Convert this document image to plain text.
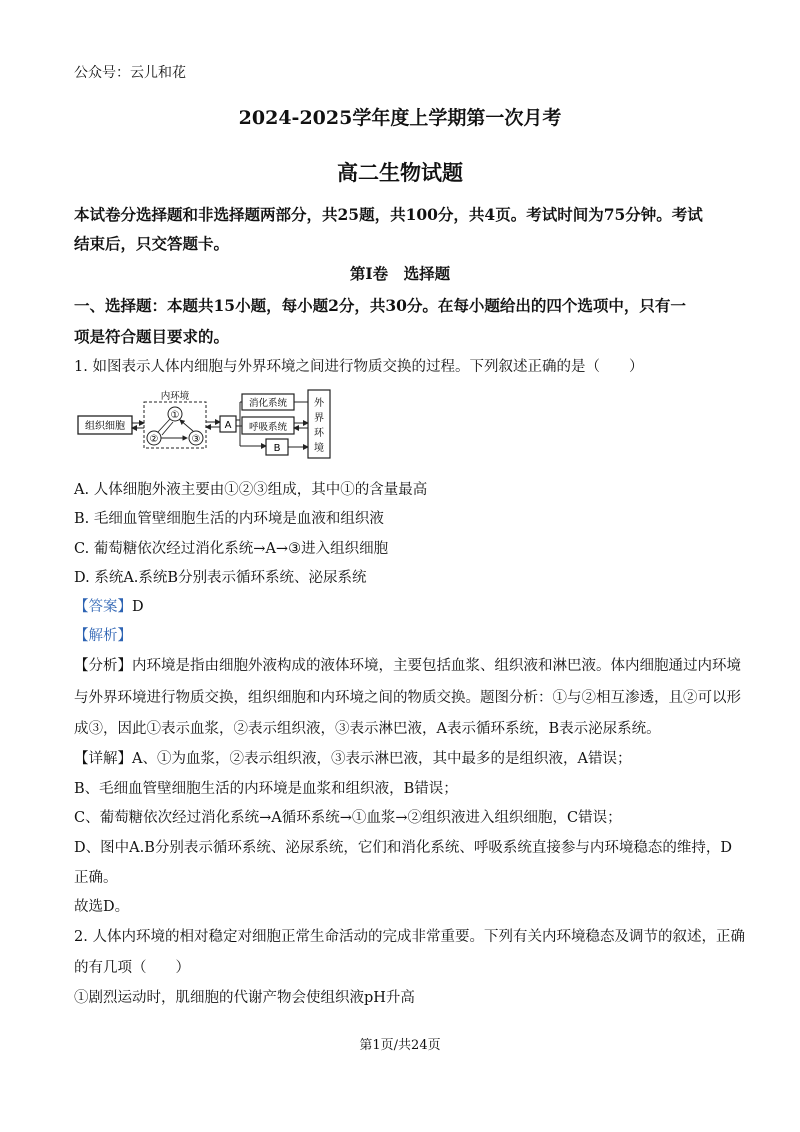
公众号：云儿和花
2024-2025学年度上学期第一次月考
高二生物试题
本试卷分选择题和非选择题两部分，共25题，共100分，共4页。考试时间为75分钟。考试
结束后，只交答题卡。
第Ⅰ卷　选择题
一、选择题：本题共15小题，每小题2分，共30分。在每小题给出的四个选项中，只有一
项是符合题目要求的。
1. 如图表示人体内细胞与外界环境之间进行物质交换的过程。下列叙述正确的是（　　）
组织细胞
内环境
①
②	③
A
消化系统
呼吸系统
B
外
界
环
境
A. 人体细胞外液主要由①②③组成，其中①的含量最高
B. 毛细血管壁细胞生活的内环境是血液和组织液
C. 葡萄糖依次经过消化系统→A→③进入组织细胞
D. 系统A.系统B分别表示循环系统、泌尿系统
【答案】D
【解析】
【分析】内环境是指由细胞外液构成的液体环境，主要包括血浆、组织液和淋巴液。体内细胞通过内环境
与外界环境进行物质交换，组织细胞和内环境之间的物质交换。题图分析：①与②相互渗透，且②可以形
成③，因此①表示血浆，②表示组织液，③表示淋巴液，A表示循环系统，B表示泌尿系统。
【详解】A、①为血浆，②表示组织液，③表示淋巴液，其中最多的是组织液，A错误；
B、毛细血管壁细胞生活的内环境是血浆和组织液，B错误；
C、葡萄糖依次经过消化系统→A循环系统→①血浆→②组织液进入组织细胞，C错误；
D、图中A.B分别表示循环系统、泌尿系统，它们和消化系统、呼吸系统直接参与内环境稳态的维持，D
正确。
故选D。
2. 人体内环境的相对稳定对细胞正常生命活动的完成非常重要。下列有关内环境稳态及调节的叙述，正确
的有几项（　　）
①剧烈运动时，肌细胞的代谢产物会使组织液pH升高
第1页/共24页
